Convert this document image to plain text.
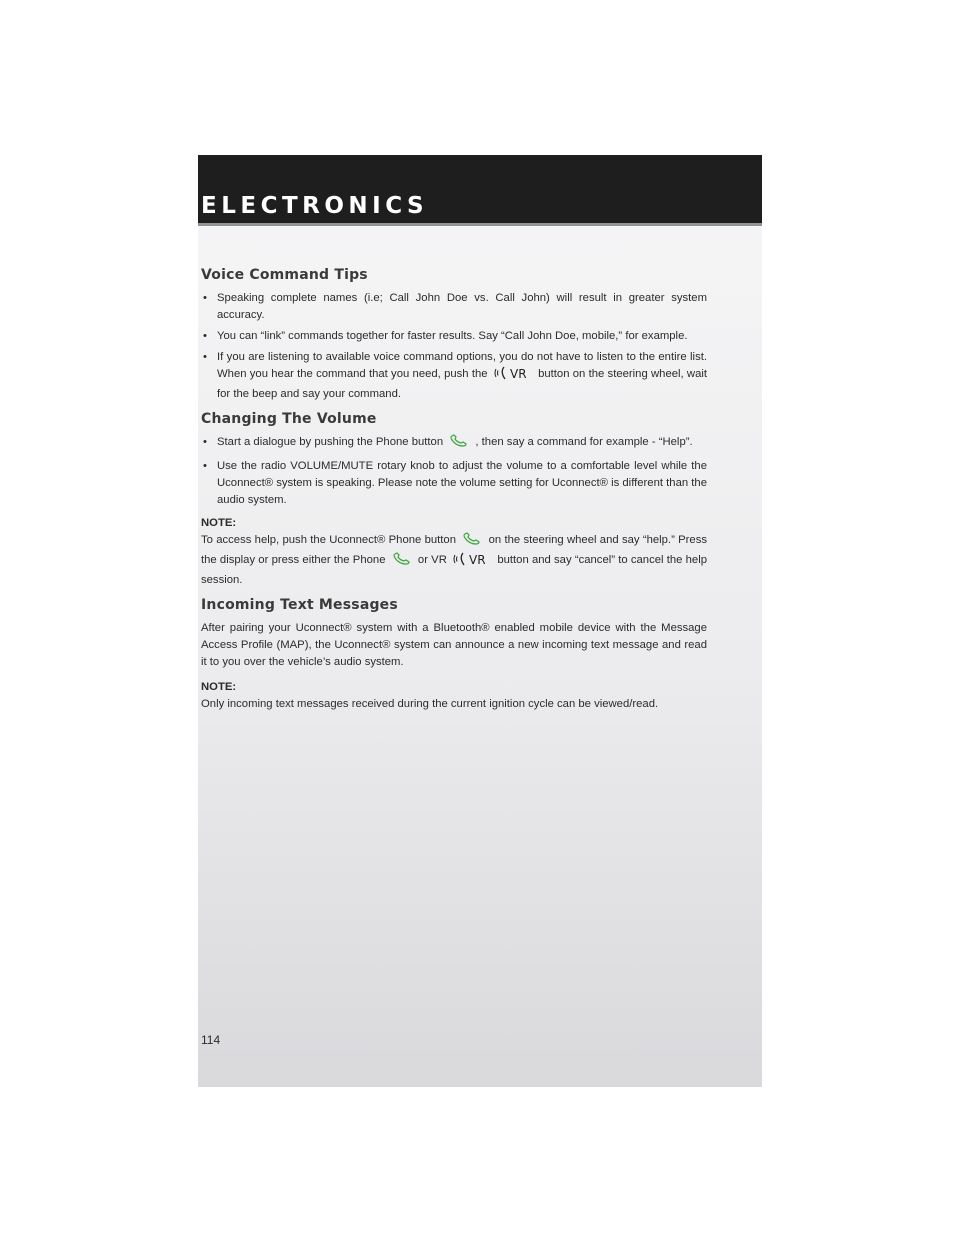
ELECTRONICS
Voice Command Tips
• Speaking complete names (i.e; Call John Doe vs. Call John) will result in greater system accuracy.
• You can “link” commands together for faster results. Say “Call John Doe, mobile,” for example.
• If you are listening to available voice command options, you do not have to listen to the entire list. When you hear the command that you need, push the VR button on the steering wheel, wait for the beep and say your command.
Changing The Volume
• Start a dialogue by pushing the Phone button	, then say a command for example - “Help”.
• Use the radio VOLUME/MUTE rotary knob to adjust the volume to a comfortable level while the Uconnect® system is speaking. Please note the volume setting for Uconnect® is different than the audio system.
NOTE:

To access help, push the Uconnect® Phone button	on the steering wheel and say “help.” Press the display or press either the Phone	or VR VR button and say “cancel” to cancel the help session.

Incoming Text Messages

After pairing your Uconnect® system with a Bluetooth® enabled mobile device with the Message Access Profile (MAP), the Uconnect® system can announce a new incoming text message and read it to you over the vehicle’s audio system.

NOTE:

Only incoming text messages received during the current ignition cycle can be viewed/read.

114
